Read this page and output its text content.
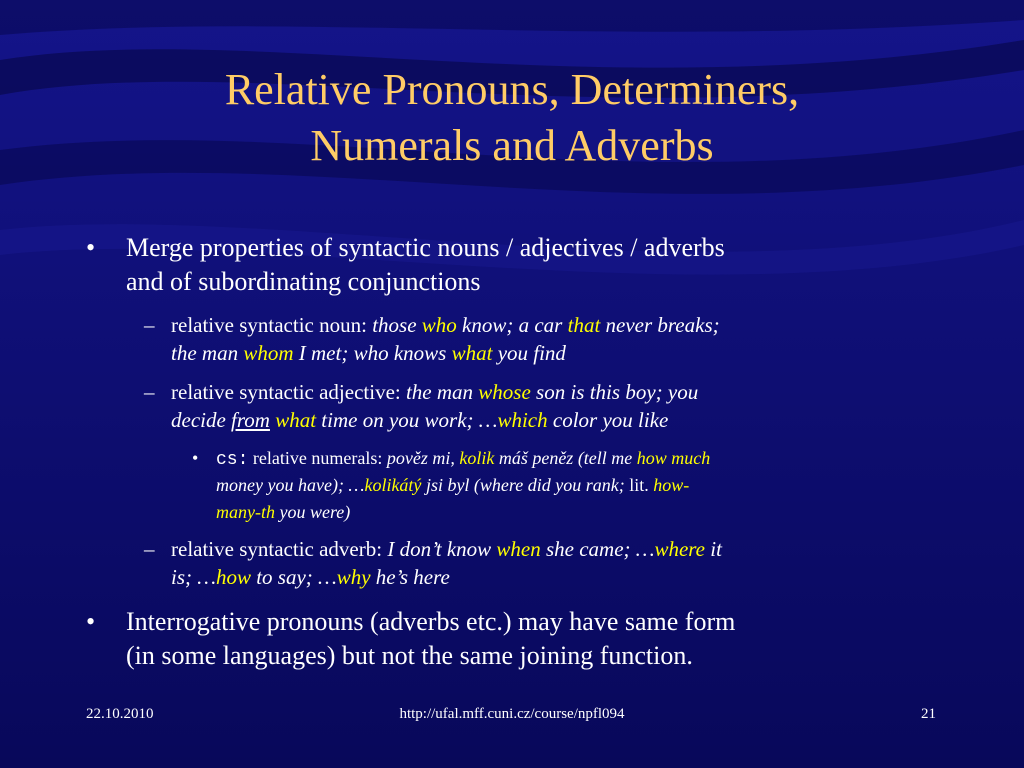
Relative Pronouns, Determiners,
Numerals and Adverbs
• Merge properties of syntactic nouns / adjectives / adverbs
and of subordinating conjunctions
– relative syntactic noun: those who know; a car that never breaks;
the man whom I met; who knows what you find
– relative syntactic adjective: the man whose son is this boy; you
decide from what time on you work; …which color you like
• cs: relative numerals: pověz mi, kolik máš peněz (tell me how much
money you have); …kolikátý jsi byl (where did you rank; lit. how-
many-th you were)
– relative syntactic adverb: I don’t know when she came; …where it
is; …how to say; …why he’s here
• Interrogative pronouns (adverbs etc.) may have same form
(in some languages) but not the same joining function.
22.10.2010	http://ufal.mff.cuni.cz/course/npfl094	21
